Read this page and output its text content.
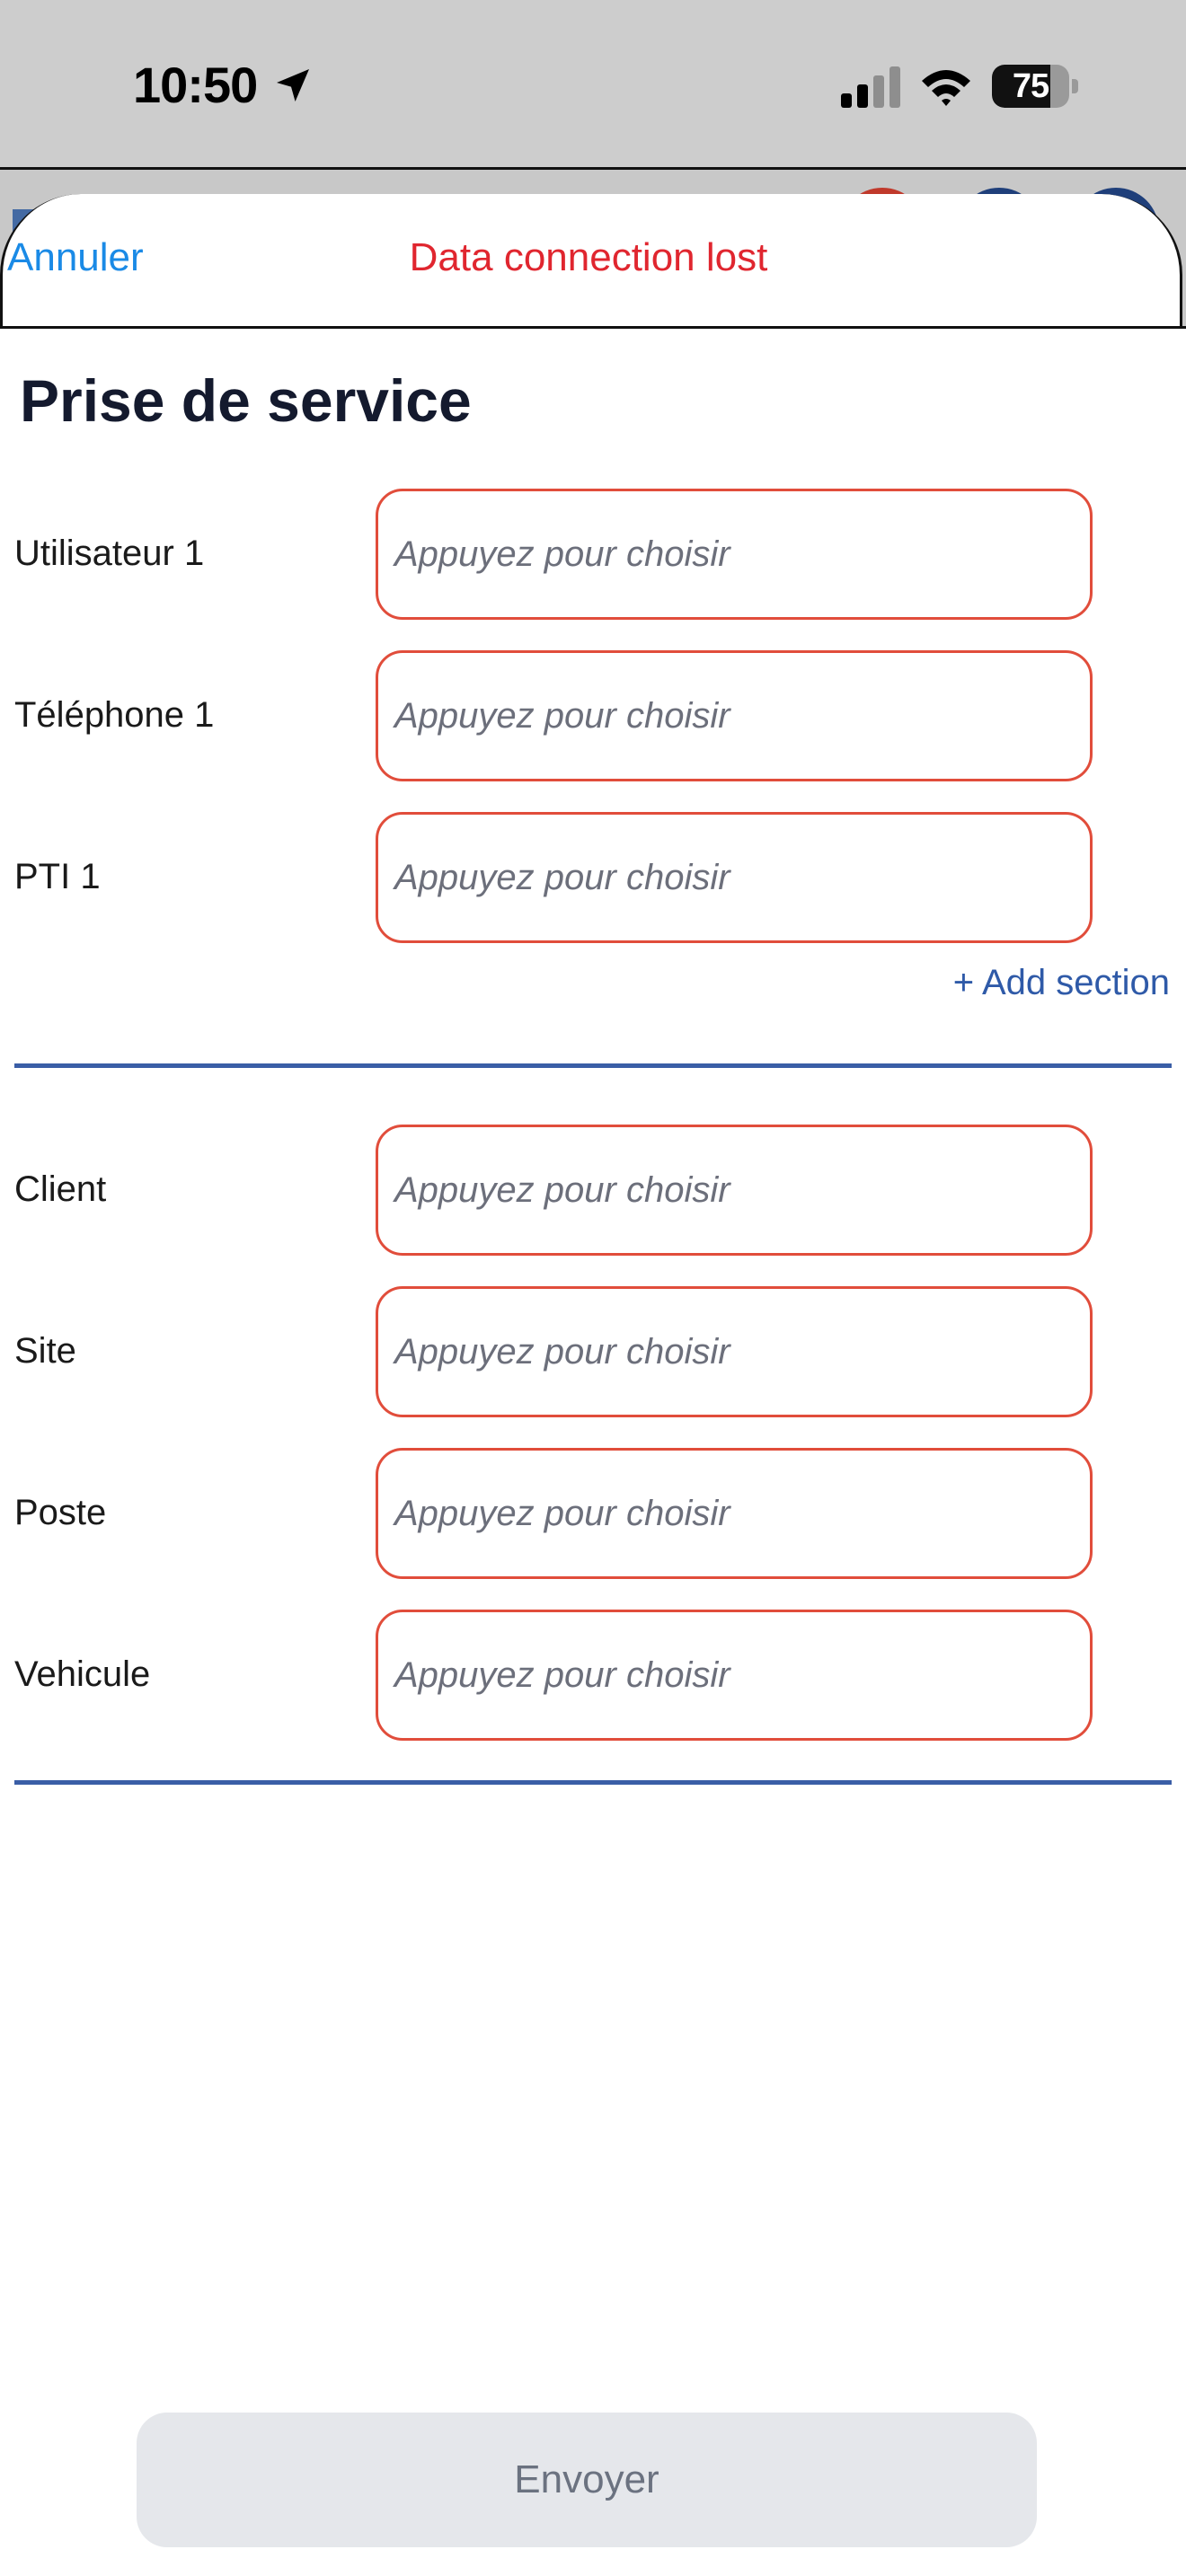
10:50	75
Annuler	Data connection lost
Prise de service
Utilisateur 1	Appuyez pour choisir
Téléphone 1	Appuyez pour choisir
PTI 1	Appuyez pour choisir
+ Add section
Client	Appuyez pour choisir
Site	Appuyez pour choisir
Poste	Appuyez pour choisir
Vehicule	Appuyez pour choisir
Envoyer
